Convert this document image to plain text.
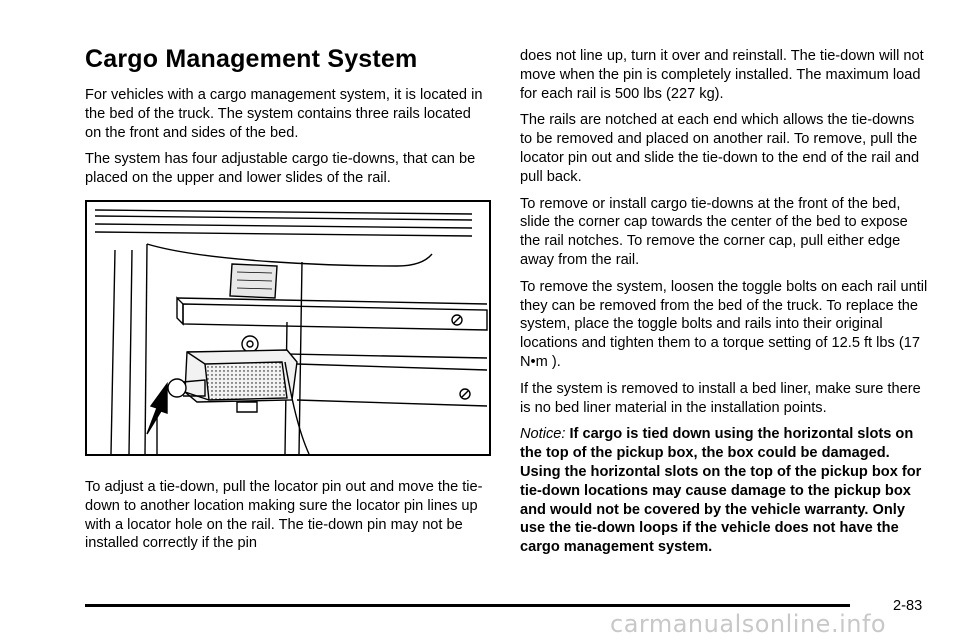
Cargo Management System

For vehicles with a cargo management system, it is located in the bed of the truck. The system contains three rails located on the front and sides of the bed.

The system has four adjustable cargo tie-downs, that can be placed on the upper and lower slides of the rail.

To adjust a tie-down, pull the locator pin out and move the tie-down to another location making sure the locator pin lines up with a locator hole on the rail. The tie-down pin may not be installed correctly if the pin

does not line up, turn it over and reinstall. The tie-down will not move when the pin is completely installed. The maximum load for each rail is 500 lbs (227 kg).

The rails are notched at each end which allows the tie-downs to be removed and placed on another rail. To remove, pull the locator pin out and slide the tie-down to the end of the rail and pull back.

To remove or install cargo tie-downs at the front of the bed, slide the corner cap towards the center of the bed to expose the rail notches. To remove the corner cap, pull either edge away from the rail.

To remove the system, loosen the toggle bolts on each rail until they can be removed from the bed of the truck. To replace the system, place the toggle bolts and rails into their original locations and tighten them to a torque setting of 12.5 ft lbs (17 N•m ).

If the system is removed to install a bed liner, make sure there is no bed liner material in the installation points.

Notice: If cargo is tied down using the horizontal slots on the top of the pickup box, the box could be damaged. Using the horizontal slots on the top of the pickup box for tie-down locations may cause damage to the pickup box and would not be covered by the vehicle warranty. Only use the tie-down loops if the vehicle does not have the cargo management system.

2-83
carmanualsonline.info
